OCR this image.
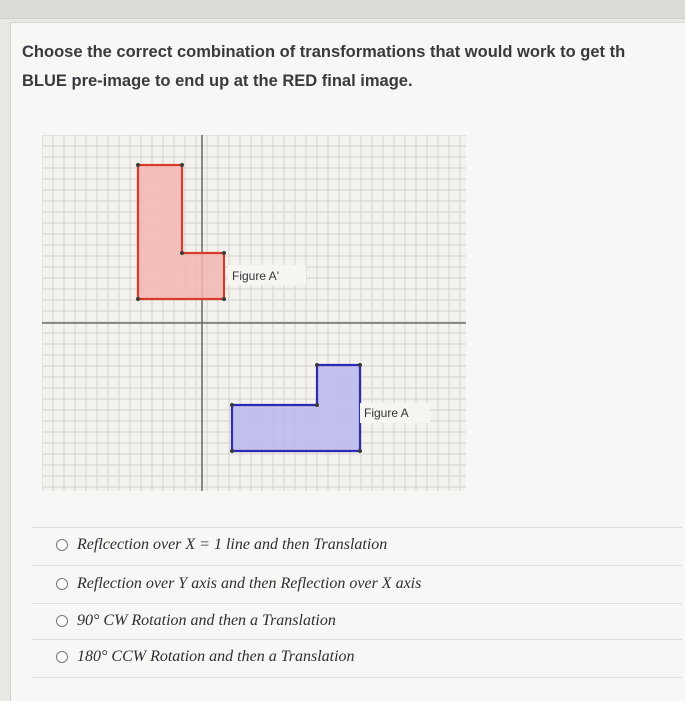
Choose the correct combination of transformations that would work to get th
BLUE pre-image to end up at the RED final image.
Figure A'
Figure A
Reflcection over X = 1 line and then Translation
Reflection over Y axis and then Reflection over X axis
90° CW Rotation and then a Translation
180° CCW Rotation and then a Translation
